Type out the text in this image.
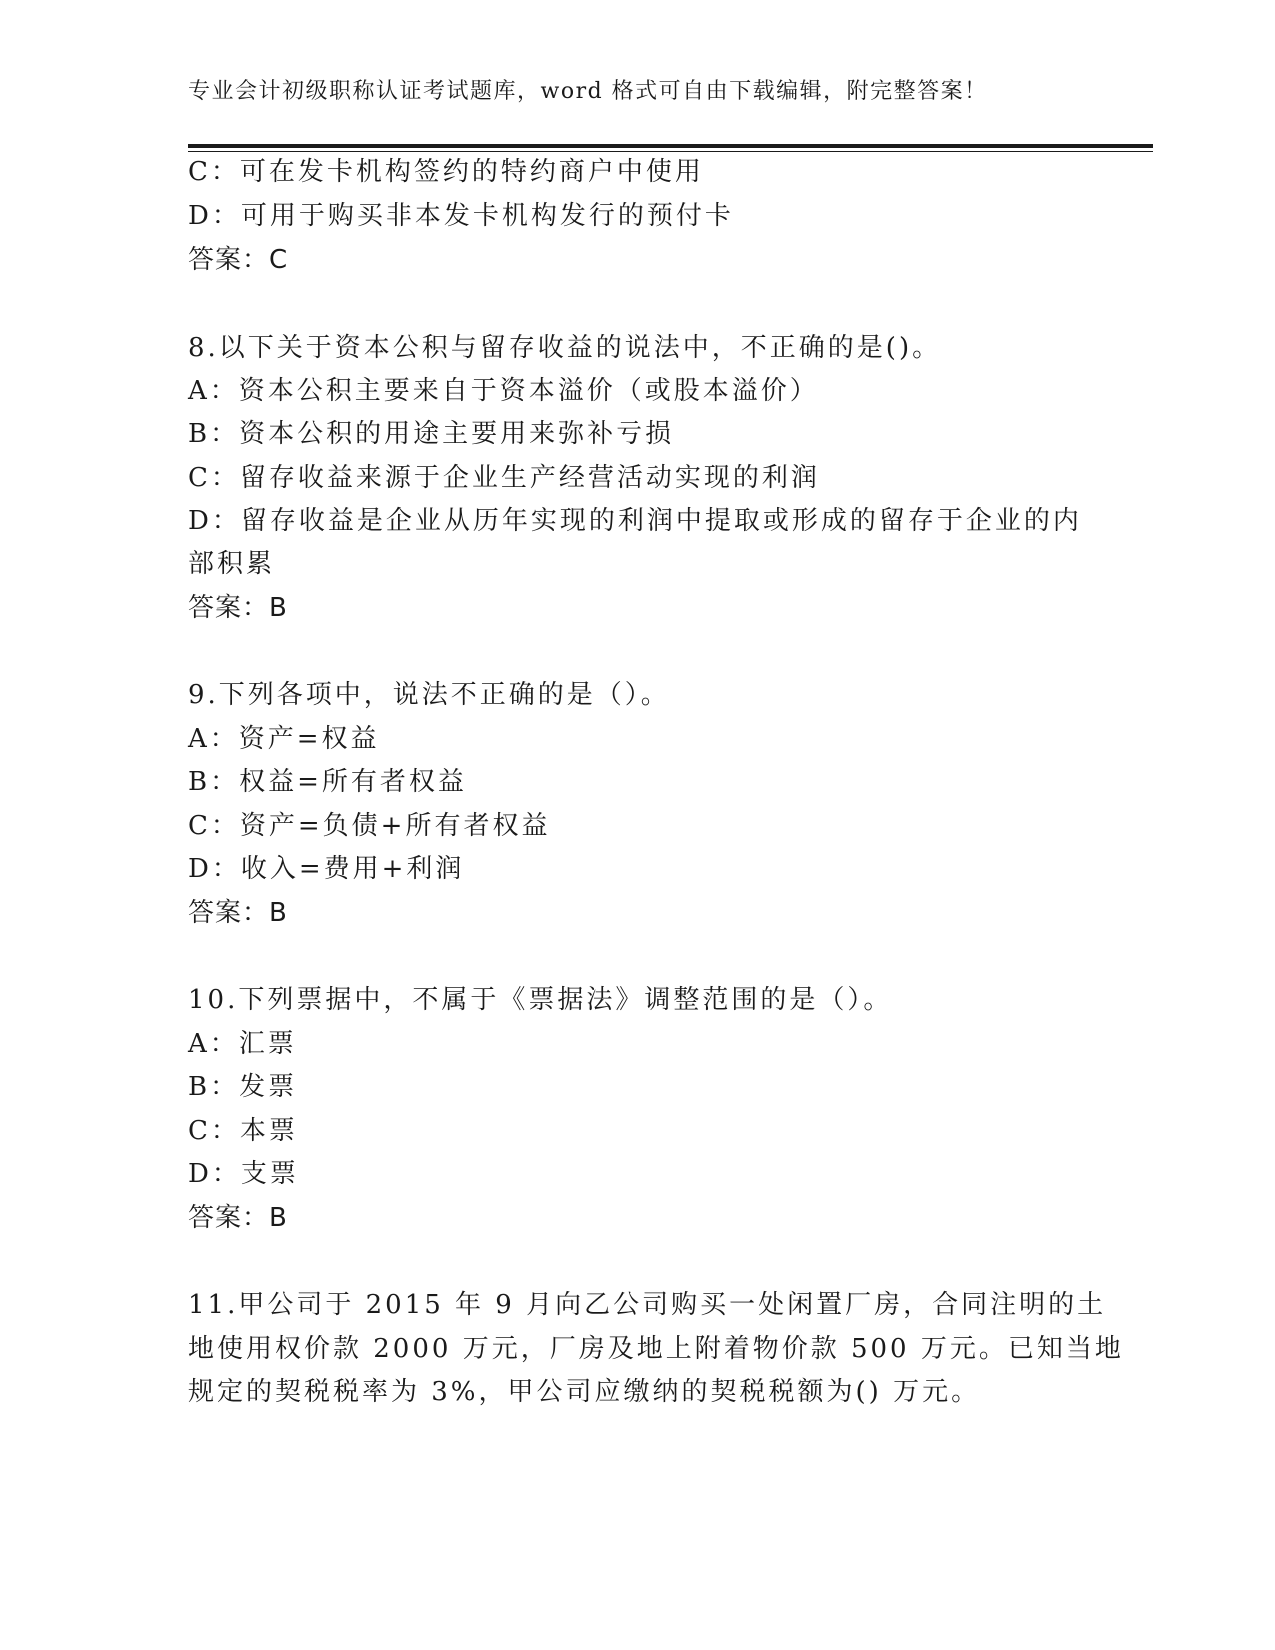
专业会计初级职称认证考试题库，word 格式可自由下载编辑，附完整答案！
C：可在发卡机构签约的特约商户中使用
D：可用于购买非本发卡机构发行的预付卡
答案：C
8.以下关于资本公积与留存收益的说法中，不正确的是()。
A：资本公积主要来自于资本溢价（或股本溢价）
B：资本公积的用途主要用来弥补亏损
C：留存收益来源于企业生产经营活动实现的利润
D：留存收益是企业从历年实现的利润中提取或形成的留存于企业的内
部积累
答案：B
9.下列各项中，说法不正确的是（）。
A：资产=权益
B：权益=所有者权益
C：资产=负债+所有者权益
D：收入=费用+利润
答案：B
10.下列票据中，不属于《票据法》调整范围的是（）。
A：汇票
B：发票
C：本票
D：支票
答案：B
11.甲公司于 2015 年 9 月向乙公司购买一处闲置厂房，合同注明的土
地使用权价款 2000 万元，厂房及地上附着物价款 500 万元。已知当地
规定的契税税率为 3%，甲公司应缴纳的契税税额为() 万元。
